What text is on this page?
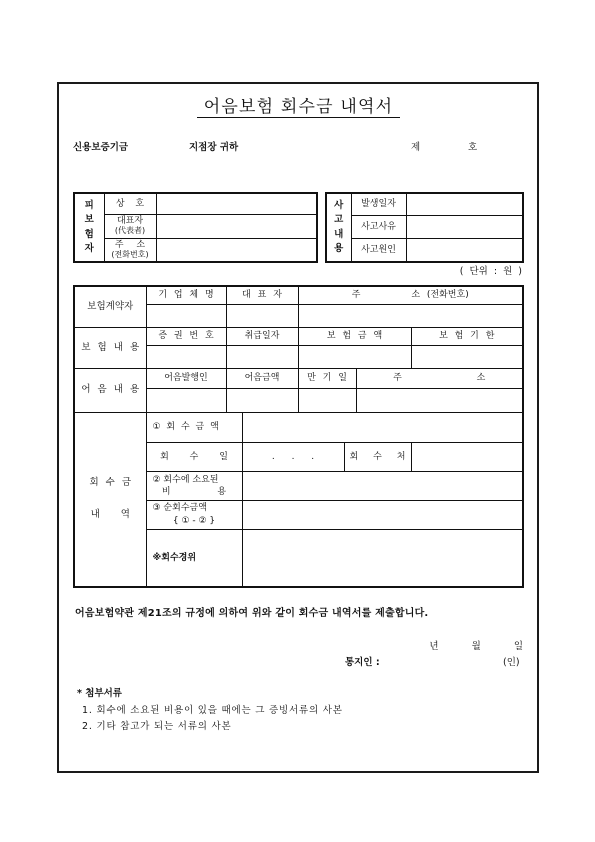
어음보험 회수금 내역서
신용보증기금	지점장 귀하	제	호
피
보
험
자	상 호	

	대표자
(代表者)	

	주 소
(전화번호)	

사
고
내
용	발생일자	
	사고사유	
	사고원인	
( 단위 : 원 )
보험계약자	기 업 체 명	대 표 자		주 소 (전화번호)			

보 험 내 용	증 권 번 호	취급일자		보 험 금 액			보 험 기 한

어 음 내 용	어음발행인	어음금액		만 기 일		주 소	

회 수 금
내 역	① 회 수 금 액						
	회 수 일		. . .		회 수 처		

	② 회수에 소요된
비 용						

	③ 순회수금액
{ ① - ② }						

	※회수경위						
어음보험약관 제21조의 규정에 의하여 위와 같이 회수금 내역서를 제출합니다.
년 월 일
통지인 :	(인)
* 첨부서류
1. 회수에 소요된 비용이 있을 때에는 그 증빙서류의 사본
2. 기타 참고가 되는 서류의 사본
